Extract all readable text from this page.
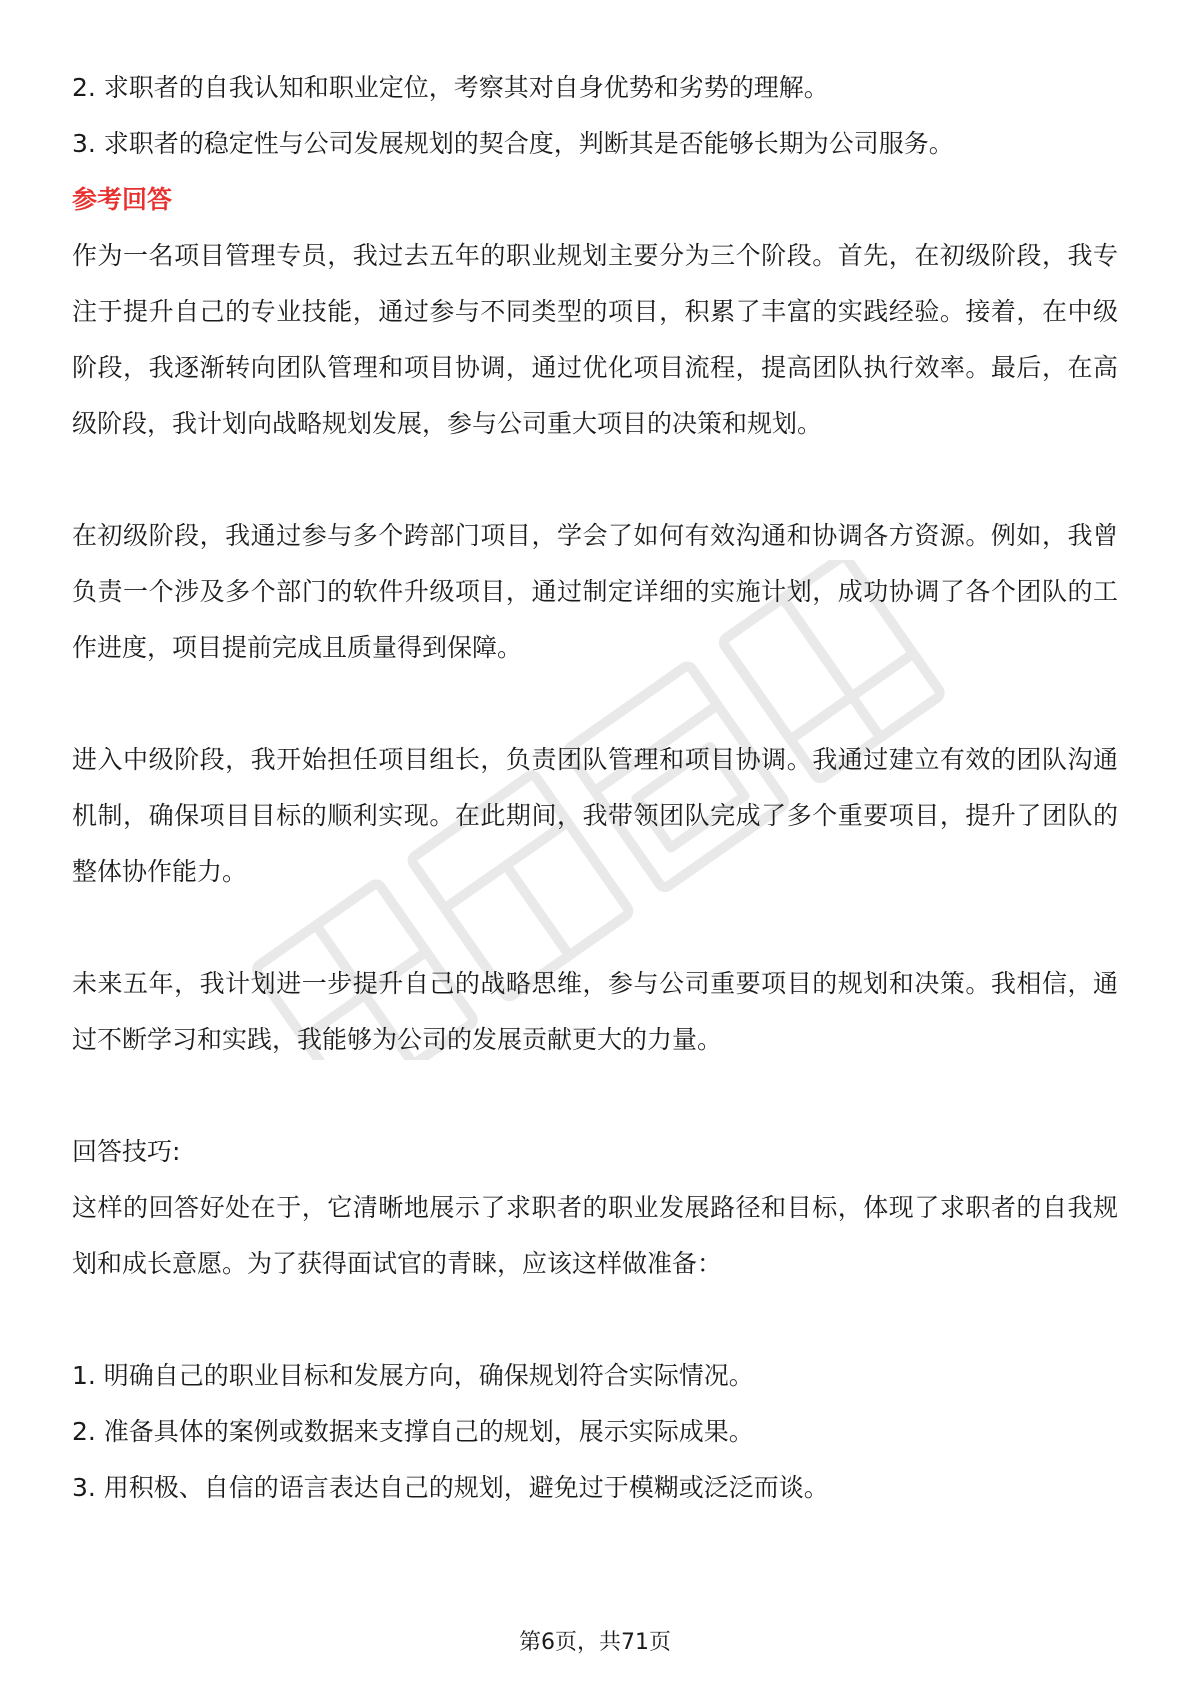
2. 求职者的自我认知和职业定位，考察其对自身优势和劣势的理解。

3. 求职者的稳定性与公司发展规划的契合度，判断其是否能够长期为公司服务。

参考回答

作为一名项目管理专员，我过去五年的职业规划主要分为三个阶段。首先，在初级阶段，我专注于提升自己的专业技能，通过参与不同类型的项目，积累了丰富的实践经验。接着，在中级阶段，我逐渐转向团队管理和项目协调，通过优化项目流程，提高团队执行效率。最后，在高级阶段，我计划向战略规划发展，参与公司重大项目的决策和规划。

在初级阶段，我通过参与多个跨部门项目，学会了如何有效沟通和协调各方资源。例如，我曾负责一个涉及多个部门的软件升级项目，通过制定详细的实施计划，成功协调了各个团队的工作进度，项目提前完成且质量得到保障。

进入中级阶段，我开始担任项目组长，负责团队管理和项目协调。我通过建立有效的团队沟通机制，确保项目目标的顺利实现。在此期间，我带领团队完成了多个重要项目，提升了团队的整体协作能力。

未来五年，我计划进一步提升自己的战略思维，参与公司重要项目的规划和决策。我相信，通过不断学习和实践，我能够为公司的发展贡献更大的力量。

回答技巧:

这样的回答好处在于，它清晰地展示了求职者的职业发展路径和目标，体现了求职者的自我规划和成长意愿。为了获得面试官的青睐，应该这样做准备：

1. 明确自己的职业目标和发展方向，确保规划符合实际情况。

2. 准备具体的案例或数据来支撑自己的规划，展示实际成果。

3. 用积极、自信的语言表达自己的规划，避免过于模糊或泛泛而谈。

第6页，共71页
